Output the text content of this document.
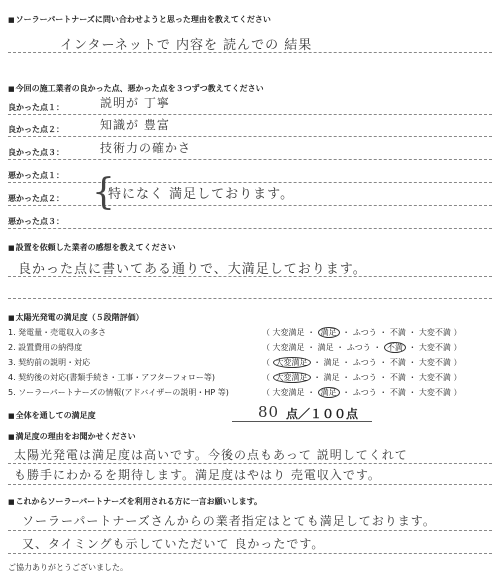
■ ソーラーパートナーズに問い合わせようと思った理由を教えてください
インターネットで 内容を 読んでの 結果
■ 今回の施工業者の良かった点、悪かった点を３つずつ教えてください
良かった点１：	説明が 丁寧
良かった点２：	知識が 豊富
良かった点３：	技術力の確かさ
悪かった点１：
悪かった点２：	特になく 満足しております。
悪かった点３：
{
■ 設置を依頼した業者の感想を教えてください
良かった点に書いてある通りで、大満足しております。
■ 太陽光発電の満足度（５段階評価）
1. 発電量・売電収入の多さ	（ 大変満足 ・ 満足 ・ ふつう ・ 不満 ・ 大変不満 ）
2. 設置費用の納得度	（ 大変満足 ・ 満足 ・ ふつう ・ 不満 ・ 大変不満 ）
3. 契約前の説明・対応	（ 大変満足 ・ 満足 ・ ふつう ・ 不満 ・ 大変不満 ）
4. 契約後の対応(書類手続き・工事・アフターフォロー等)	（ 大変満足 ・ 満足 ・ ふつう ・ 不満 ・ 大変不満 ）
5. ソーラーパートナーズの情報(アドバイザーの説明・HP 等)	（ 大変満足 ・ 満足 ・ ふつう ・ 不満 ・ 大変不満 ）
■ 全体を通しての満足度	80 点／１００点
■ 満足度の理由をお聞かせください
太陽光発電は満足度は高いです。今後の点もあって 説明してくれて
も勝手にわかるを期待します。満足度はやはり 売電収入です。
■ これからソーラーパートナーズを利用される方に一言お願いします。
ソーラーパートナーズさんからの業者指定はとても満足しております。
又、タイミングも示していただいて 良かったです。
ご協力ありがとうございました。
